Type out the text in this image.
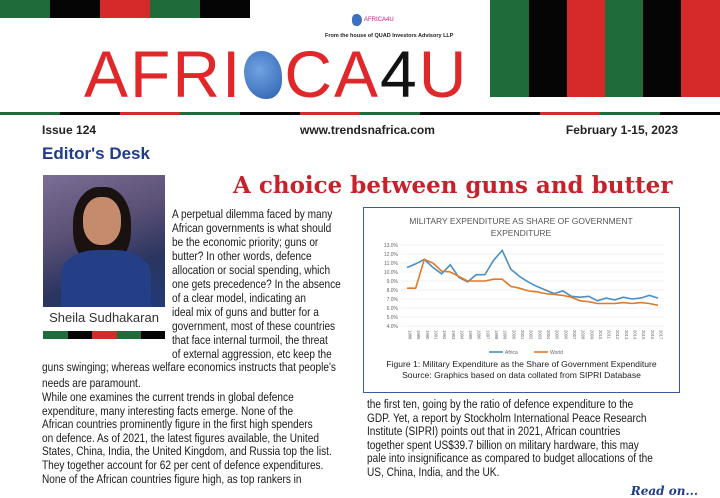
AFRICA4U
From the house of QUAD Investors Advisory LLP
AFRI CA4U
Issue 124	www.trendsnafrica.com	February 1-15, 2023
Editor's Desk
Sheila Sudhakaran
A choice between guns and butter
A perpetual dilemma faced by many
African governments is what should
be the economic priority; guns or
butter? In other words, defence
allocation or social spending, which
one gets precedence? In the absence
of a clear model, indicating an
ideal mix of guns and butter for a
government, most of these countries
that face internal turmoil, the threat
of external aggression, etc keep the
guns swinging; whereas welfare economics instructs that people's
needs are paramount.
While one examines the current trends in global defence
expenditure, many interesting facts emerge. None of the
African countries prominently figure in the first high spenders
on defence. As of 2021, the latest figures available, the United
States, China, India, the United Kingdom, and Russia top the list.
They together account for 62 per cent of defence expenditures.
None of the African countries figure high, as top rankers in
the first ten, going by the ratio of defence expenditure to the
GDP. Yet, a report by Stockholm International Peace Research
Institute (SIPRI) points out that in 2021, African countries
together spent US$39.7 billion on military hardware, this may
pale into insignificance as compared to budget allocations of the
US, China, India, and the UK.
MILITARY EXPENDITURE AS SHARE OF GOVERNMENT
EXPENDITURE
4.0%
5.0%
6.0%
7.0%
8.0%
9.0%
10.0%
11.0%
12.0%
13.0%
1988 1989 1990 1991 1992 1993 1994 1995 1996 1997 1998 1999 2000 2001 2002 2003 2004 2005 2006 2007 2008 2009 2010 2011 2012 2013 2014 2015 2016 2017
Africa	World
Figure 1: Military Expenditure as the Share of Government Expenditure
Source: Graphics based on data collated from SIPRI Database
Read on...
